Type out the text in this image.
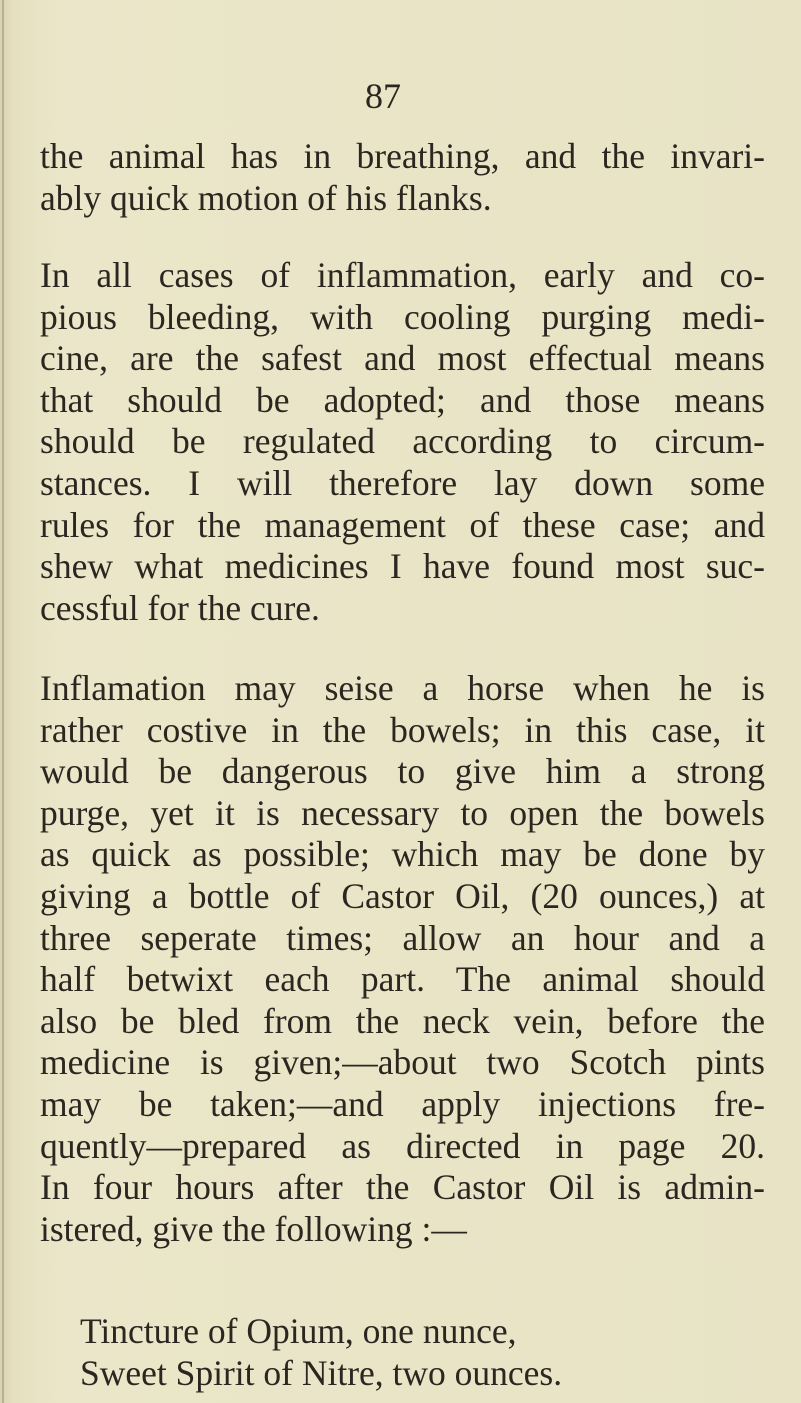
87
the animal has in breathing, and the invari-
ably quick motion of his flanks.
In all cases of inflammation, early and co-
pious bleeding, with cooling purging medi-
cine, are the safest and most effectual means
that should be adopted; and those means
should be regulated according to circum-
stances. I will therefore lay down some
rules for the management of these case; and
shew what medicines I have found most suc-
cessful for the cure.
Inflamation may seise a horse when he is
rather costive in the bowels; in this case, it
would be dangerous to give him a strong
purge, yet it is necessary to open the bowels
as quick as possible; which may be done by
giving a bottle of Castor Oil, (20 ounces,) at
three seperate times; allow an hour and a
half betwixt each part. The animal should
also be bled from the neck vein, before the
medicine is given;—about two Scotch pints
may be taken;—and apply injections fre-
quently—prepared as directed in page 20.
In four hours after the Castor Oil is admin-
istered, give the following :—
Tincture of Opium, one nunce,
Sweet Spirit of Nitre, two ounces.
